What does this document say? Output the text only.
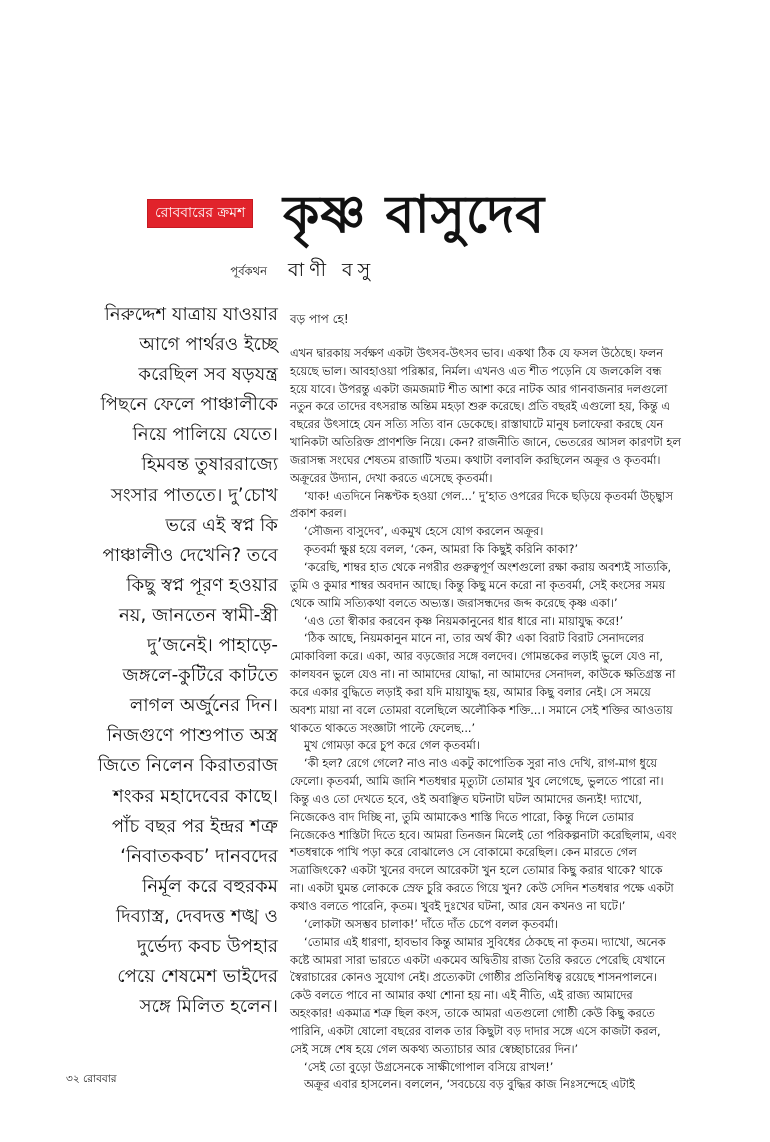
রোববারের ক্রমশ কৃষ্ণ বাসুদেব
পূর্বকথন বাণী বসু
নিরুদ্দেশ যাত্রায় যাওয়ার
আগে পার্থরও ইচ্ছে
করেছিল সব ষড়যন্ত্র
পিছনে ফেলে পাঞ্চালীকে
নিয়ে পালিয়ে যেতে।
হিমবন্ত তুষাররাজ্যে
সংসার পাততে। দু’চোখ
ভরে এই স্বপ্ন কি
পাঞ্চালীও দেখেনি? তবে
কিছু স্বপ্ন পূরণ হওয়ার
নয়, জানতেন স্বামী-স্ত্রী
দু’জনেই। পাহাড়ে-
জঙ্গলে-কুটিরে কাটতে
লাগল অর্জুনের দিন।
নিজগুণে পাশুপাত অস্ত্র
জিতে নিলেন কিরাতরাজ
শংকর মহাদেবের কাছে।
পাঁচ বছর পর ইন্দ্রর শত্রু
‘নিবাতকবচ’ দানবদের
নির্মূল করে বহুরকম
দিব্যাস্ত্র, দেবদত্ত শঙ্খ ও
দুর্ভেদ্য কবচ উপহার
পেয়ে শেষমেশ ভাইদের
সঙ্গে মিলিত হলেন।
বড় পাপ হে!
এখন দ্বারকায় সর্বক্ষণ একটা উৎসব-উৎসব ভাব। একথা ঠিক যে ফসল উঠেছে। ফলন
হয়েছে ভাল। আবহাওয়া পরিষ্কার, নির্মল। এখনও এত শীত পড়েনি যে জলকেলি বন্ধ
হয়ে যাবে। উপরন্তু একটা জমজমাট শীত আশা করে নাটক আর গানবাজনার দলগুলো
নতুন করে তাদের বৎসরান্ত অন্তিম মহড়া শুরু করেছে। প্রতি বছরই এগুলো হয়, কিন্তু এ
বছরের উৎসাহে যেন সত্যি সত্যি বান ডেকেছে। রাস্তাঘাটে মানুষ চলাফেরা করছে যেন
খানিকটা অতিরিক্ত প্রাণশক্তি নিয়ে। কেন? রাজনীতি জানে, ভেতরের আসল কারণটা হল
জরাসন্ধ সংঘের শেষতম রাজাটি খতম। কথাটা বলাবলি করছিলেন অক্রূর ও কৃতবর্মা।
অক্রূরের উদ্যান, দেখা করতে এসেছে কৃতবর্মা।
‘যাক! এতদিনে নিষ্কণ্টক হওয়া গেল...’ দু’হাত ওপরের দিকে ছড়িয়ে কৃতবর্মা উচ্ছ্বাস
প্রকাশ করল।
‘সৌজন্য বাসুদেব’, একমুখ হেসে যোগ করলেন অক্রূর।
কৃতবর্মা ক্ষুণ্ণ হয়ে বলল, ‘কেন, আমরা কি কিছুই করিনি কাকা?’
‘করেছি, শাম্বর হাত থেকে নগরীর গুরুত্বপূর্ণ অংশগুলো রক্ষা করায় অবশ্যই সাত্যকি,
তুমি ও কুমার শাম্বর অবদান আছে। কিন্তু কিছু মনে করো না কৃতবর্মা, সেই কংসের সময়
থেকে আমি সত্যিকথা বলতে অভ্যস্ত। জরাসন্ধদের জব্দ করেছে কৃষ্ণ একা।’
‘এও তো স্বীকার করবেন কৃষ্ণ নিয়মকানুনের ধার ধারে না। মায়াযুদ্ধ করে!’
‘ঠিক আছে, নিয়মকানুন মানে না, তার অর্থ কী? একা বিরাট বিরাট সেনাদলের
মোকাবিলা করে। একা, আর বড়জোর সঙ্গে বলদেব। গোমন্তকের লড়াই ভুলে যেও না,
কালযবন ভুলে যেও না। না আমাদের যোদ্ধা, না আমাদের সেনাদল, কাউকে ক্ষতিগ্রস্ত না
করে একার বুদ্ধিতে লড়াই করা যদি মায়াযুদ্ধ হয়, আমার কিছু বলার নেই। সে সময়ে
অবশ্য মায়া না বলে তোমরা বলেছিলে অলৌকিক শক্তি...। সমানে সেই শক্তির আওতায়
থাকতে থাকতে সংজ্ঞাটা পাল্টে ফেলেছ...’
মুখ গোমড়া করে চুপ করে গেল কৃতবর্মা।
‘কী হল? রেগে গেলে? নাও নাও একটু কাপোতিক সুরা নাও দেখি, রাগ-মাগ ধুয়ে
ফেলো। কৃতবর্মা, আমি জানি শতধন্বার মৃত্যুটা তোমার খুব লেগেছে, ভুলতে পারো না।
কিন্তু এও তো দেখতে হবে, ওই অবাঞ্ছিত ঘটনাটা ঘটল আমাদের জন্যই! দ্যাখো,
নিজেকেও বাদ দিচ্ছি না, তুমি আমাকেও শাস্তি দিতে পারো, কিন্তু দিলে তোমার
নিজেকেও শাস্তিটা দিতে হবে। আমরা তিনজন মিলেই তো পরিকল্পনাটা করেছিলাম, এবং
শতধন্বাকে পাখি পড়া করে বোঝালেও সে বোকামো করেছিল। কেন মারতে গেল
সত্রাজিৎকে? একটা খুনের বদলে আরেকটা খুন হলে তোমার কিছু করার থাকে? থাকে
না। একটা ঘুমন্ত লোককে স্রেফ চুরি করতে গিয়ে খুন? কেউ সেদিন শতধন্বার পক্ষে একটা
কথাও বলতে পারেনি, কৃতম। খুবই দুঃখের ঘটনা, আর যেন কখনও না ঘটে।’
‘লোকটা অসম্ভব চালাক!’ দাঁতে দাঁত চেপে বলল কৃতবর্মা।
‘তোমার এই ধারণা, হাবভাব কিন্তু আমার সুবিধের ঠেকছে না কৃতম। দ্যাখো, অনেক
কষ্টে আমরা সারা ভারতে একটা একমেব অদ্বিতীয় রাজ্য তৈরি করতে পেরেছি যেখানে
স্বৈরাচারের কোনও সুযোগ নেই। প্রত্যেকটা গোষ্ঠীর প্রতিনিধিত্ব রয়েছে শাসনপালনে।
কেউ বলতে পাবে না আমার কথা শোনা হয় না। এই নীতি, এই রাজ্য আমাদের
অহংকার! একমাত্র শত্রু ছিল কংস, তাকে আমরা এতগুলো গোষ্ঠী কেউ কিছু করতে
পারিনি, একটা ষোলো বছরের বালক তার কিছুটা বড় দাদার সঙ্গে এসে কাজটা করল,
সেই সঙ্গে শেষ হয়ে গেল অকথ্য অত্যাচার আর স্বেচ্ছাচারের দিন।’
‘সেই তো বুড়ো উগ্রসেনকে সাক্ষীগোপাল বসিয়ে রাখল!’
অক্রূর এবার হাসলেন। বললেন, ‘সবচেয়ে বড় বুদ্ধির কাজ নিঃসন্দেহে এটাই
৩২ রোববার
